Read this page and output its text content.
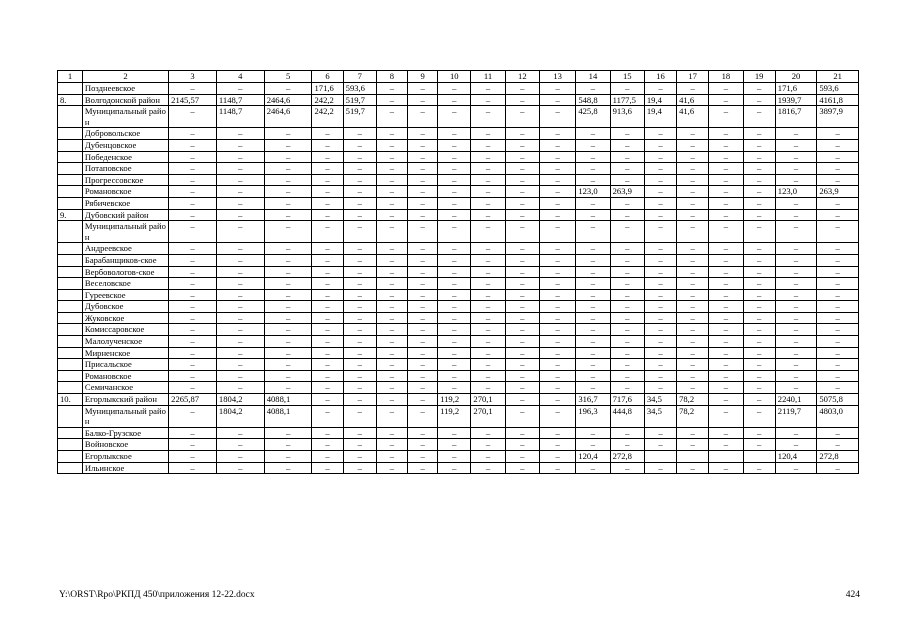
1	2	3	4	5	6	7	8	9	10	11	12	13	14	15	16	17	18	19	20	21
	Позднеевское	–	–	–	171,6	593,6	–	–	–	–	–	–	–	–	–	–	–	–	171,6	593,6
8.	Волгодонской район	2145,57	1148,7	2464,6	242,2	519,7	–	–	–	–	–	–	548,8	1177,5	19,4	41,6	–	–	1939,7	4161,8
	Муниципальный район	–	1148,7	2464,6	242,2	519,7	–	–	–	–	–	–	425,8	913,6	19,4	41,6	–	–	1816,7	3897,9
	Добровольское	–	–	–	–	–	–	–	–	–	–	–	–	–	–	–	–	–	–	–
	Дубенцовское	–	–	–	–	–	–	–	–	–	–	–	–	–	–	–	–	–	–	–
	Победенское	–	–	–	–	–	–	–	–	–	–	–	–	–	–	–	–	–	–	–
	Потаповское	–	–	–	–	–	–	–	–	–	–	–	–	–	–	–	–	–	–	–
	Прогрессовское	–	–	–	–	–	–	–	–	–	–	–	–	–	–	–	–	–	–	–
	Романовское	–	–	–	–	–	–	–	–	–	–	–	123,0	263,9	–	–	–	–	123,0	263,9
	Рябичевское	–	–	–	–	–	–	–	–	–	–	–	–	–	–	–	–	–	–	–
9.	Дубовский район	–	–	–	–	–	–	–	–	–	–	–	–	–	–	–	–	–	–	–
	Муниципальный район	–	–	–	–	–	–	–	–	–	–	–	–	–	–	–	–	–	–	–
	Андреевское	–	–	–	–	–	–	–	–	–	–	–	–	–	–	–	–	–	–	–
	Барабанщиков-ское	–	–	–	–	–	–	–	–	–	–	–	–	–	–	–	–	–	–	–
	Вербовологов-ское	–	–	–	–	–	–	–	–	–	–	–	–	–	–	–	–	–	–	–
	Веселовское	–	–	–	–	–	–	–	–	–	–	–	–	–	–	–	–	–	–	–
	Гуреевское	–	–	–	–	–	–	–	–	–	–	–	–	–	–	–	–	–	–	–
	Дубовское	–	–	–	–	–	–	–	–	–	–	–	–	–	–	–	–	–	–	–
	Жуковское	–	–	–	–	–	–	–	–	–	–	–	–	–	–	–	–	–	–	–
	Комиссаровское	–	–	–	–	–	–	–	–	–	–	–	–	–	–	–	–	–	–	–
	Малолученское	–	–	–	–	–	–	–	–	–	–	–	–	–	–	–	–	–	–	–
	Мирненское	–	–	–	–	–	–	–	–	–	–	–	–	–	–	–	–	–	–	–
	Присальское	–	–	–	–	–	–	–	–	–	–	–	–	–	–	–	–	–	–	–
	Романовское	–	–	–	–	–	–	–	–	–	–	–	–	–	–	–	–	–	–	–
	Семичанское	–	–	–	–	–	–	–	–	–	–	–	–	–	–	–	–	–	–	–
10.	Егорлыкский район	2265,87	1804,2	4088,1	–	–	–	–	119,2	270,1	–	–	316,7	717,6	34,5	78,2	–	–	2240,1	5075,8
	Муниципальный район	–	1804,2	4088,1	–	–	–	–	119,2	270,1	–	–	196,3	444,8	34,5	78,2	–	–	2119,7	4803,0
	Балко-Грузское	–	–	–	–	–	–	–	–	–	–	–	–	–	–	–	–	–	–	–
	Войновское	–	–	–	–	–	–	–	–	–	–	–	–	–	–	–	–	–	–	–
	Егорлыкское	–	–	–	–	–	–	–	–	–	–	–	120,4	272,8					120,4	272,8
	Ильинское	–	–	–	–	–	–	–	–	–	–	–	–	–	–	–	–	–	–	–
Y:\ORST\Rpo\РКПД 450\приложения 12-22.docx	424
